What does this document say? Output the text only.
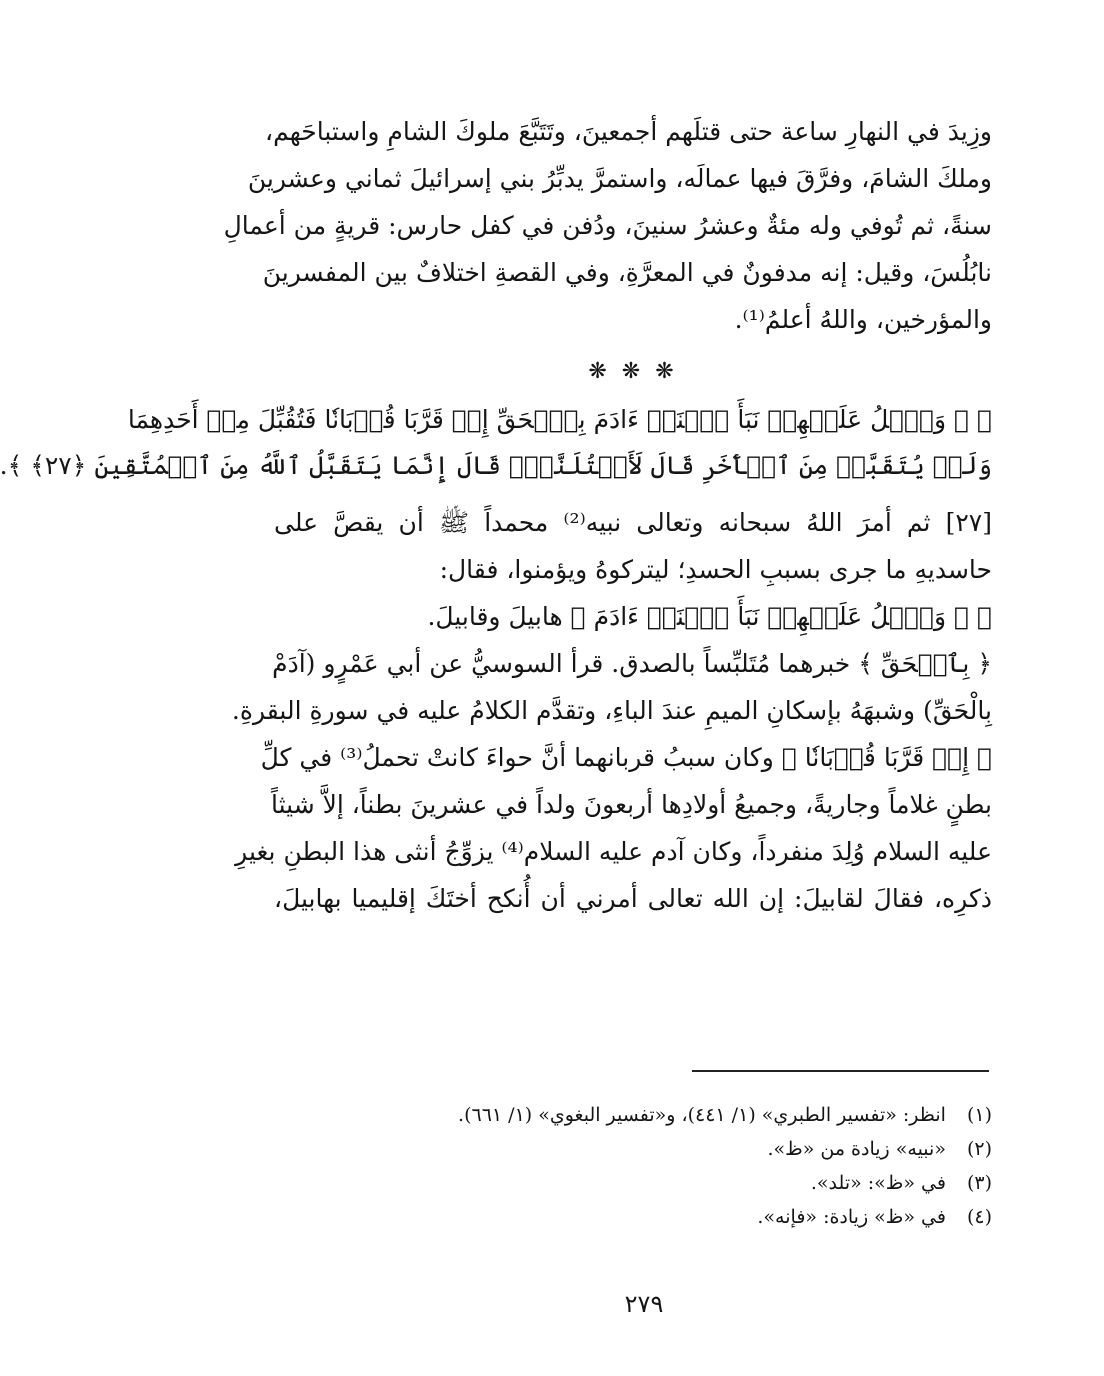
وزِيدَ في النهارِ ساعة حتى قتلَهم أجمعينَ، وتَتَبَّعَ ملوكَ الشامِ واستباحَهم،
وملكَ الشامَ، وفرَّقَ فيها عمالَه، واستمرَّ يدبِّرُ بني إسرائيلَ ثماني وعشرينَ
سنةً، ثم تُوفي وله مئةٌ وعشرُ سنينَ، ودُفن في كفل حارس: قريةٍ من أعمالِ
نابُلُسَ، وقيل: إنه مدفونٌ في المعرَّةِ، وفي القصةِ اختلافٌ بين المفسرينَ
والمؤرخين، واللهُ أعلمُ⁽¹⁾.
❋ ❋ ❋
﴿ ۞ وَٱتۡلُ عَلَيۡهِمۡ نَبَأَ ٱبۡنَيۡ ءَادَمَ بِٱلۡحَقِّ إِذۡ قَرَّبَا قُرۡبَانٗا فَتُقُبِّلَ مِنۡ أَحَدِهِمَا
وَلَمۡ يُتَقَبَّلۡ مِنَ ٱلۡأٓخَرِ قَالَ لَأَقۡتُلَنَّكَۖ قَالَ إِنَّمَا يَتَقَبَّلُ ٱللَّهُ مِنَ ٱلۡمُتَّقِينَ ﴿٢٧﴾ ﴾.
[٢٧] ثم أمرَ اللهُ سبحانه وتعالى نبيه⁽²⁾ محمداً ﷺ أن يقصَّ على
حاسديهِ ما جرى بسببِ الحسدِ؛ ليتركوهُ ويؤمنوا، فقال:
﴿ ۞ وَٱتۡلُ عَلَيۡهِمۡ نَبَأَ ٱبۡنَيۡ ءَادَمَ ﴾ هابيلَ وقابيلَ.
﴿ بِٱلۡحَقِّ ﴾ خبرهما مُتَلبِّساً بالصدق. قرأ السوسيُّ عن أبي عَمْرٍو (آدَمْ
بِالْحَقِّ) وشبهَهُ بإسكانِ الميمِ عندَ الباءِ، وتقدَّم الكلامُ عليه في سورةِ البقرةِ.
﴿ إِذۡ قَرَّبَا قُرۡبَانٗا ﴾ وكان سببُ قربانهما أنَّ حواءَ كانتْ تحملُ⁽³⁾ في كلِّ
بطنٍ غلاماً وجاريةً، وجميعُ أولادِها أربعونَ ولداً في عشرينَ بطناً، إلاَّ شيثاً
عليه السلام وُلِدَ منفرداً، وكان آدم عليه السلام⁽⁴⁾ يزوِّجُ أنثى هذا البطنِ بغيرِ
ذكرِه، فقالَ لقابيلَ: إن الله تعالى أمرني أن أُنكح أختَكَ إقليميا بهابيلَ،
(١) انظر: «تفسير الطبري» (١/ ٤٤١)، و«تفسير البغوي» (١/ ٦٦١).
(٢) «نبيه» زيادة من «ظ».
(٣) في «ظ»: «تلد».
(٤) في «ظ» زيادة: «فإنه».
٢٧٩
